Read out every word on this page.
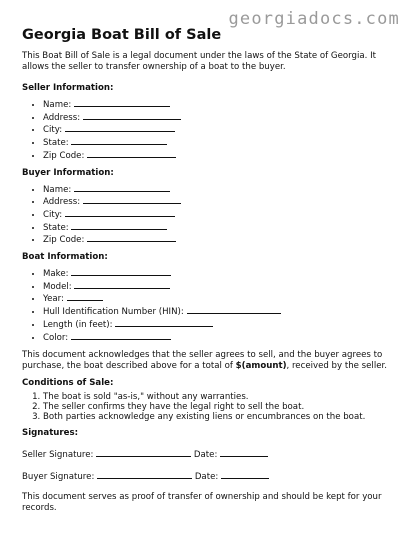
georgiadocs.com
Georgia Boat Bill of Sale

This Boat Bill of Sale is a legal document under the laws of the State of Georgia. It allows the seller to transfer ownership of a boat to the buyer.

Seller Information:
• Name:
• Address:
• City:
• State:
• Zip Code:
Buyer Information:
• Name:
• Address:
• City:
• State:
• Zip Code:
Boat Information:
• Make:
• Model:
• Year:
• Hull Identification Number (HIN):
• Length (in feet):
• Color:

This document acknowledges that the seller agrees to sell, and the buyer agrees to purchase, the boat described above for a total of $(amount), received by the seller.

Conditions of Sale:
1. The boat is sold "as-is," without any warranties.
2. The seller confirms they have the legal right to sell the boat.
3. Both parties acknowledge any existing liens or encumbrances on the boat.
Signatures:
Seller Signature:	Date:
Buyer Signature:	Date:

This document serves as proof of transfer of ownership and should be kept for your records.
